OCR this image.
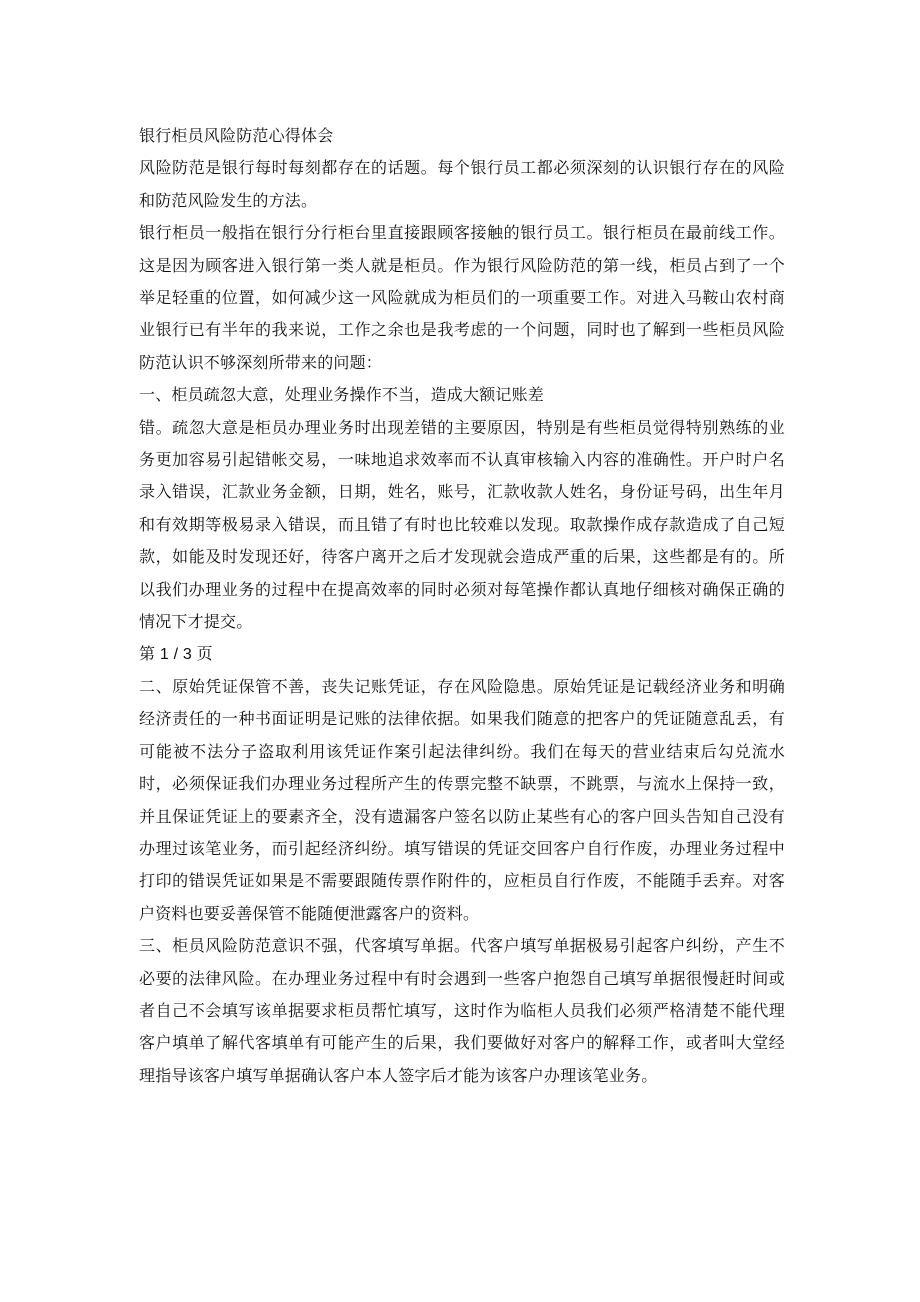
银行柜员风险防范心得体会

风险防范是银行每时每刻都存在的话题。每个银行员工都必须深刻的认识银行存在的风险和防范风险发生的方法。

银行柜员一般指在银行分行柜台里直接跟顾客接触的银行员工。银行柜员在最前线工作。这是因为顾客进入银行第一类人就是柜员。作为银行风险防范的第一线，柜员占到了一个举足轻重的位置，如何减少这一风险就成为柜员们的一项重要工作。对进入马鞍山农村商业银行已有半年的我来说，工作之余也是我考虑的一个问题，同时也了解到一些柜员风险防范认识不够深刻所带来的问题：

一、柜员疏忽大意，处理业务操作不当，造成大额记账差

错。疏忽大意是柜员办理业务时出现差错的主要原因，特别是有些柜员觉得特别熟练的业务更加容易引起错帐交易，一味地追求效率而不认真审核输入内容的准确性。开户时户名录入错误，汇款业务金额，日期，姓名，账号，汇款收款人姓名，身份证号码，出生年月和有效期等极易录入错误，而且错了有时也比较难以发现。取款操作成存款造成了自己短款，如能及时发现还好，待客户离开之后才发现就会造成严重的后果，这些都是有的。所以我们办理业务的过程中在提高效率的同时必须对每笔操作都认真地仔细核对确保正确的情况下才提交。

第 1 / 3 页

二、原始凭证保管不善，丧失记账凭证，存在风险隐患。原始凭证是记载经济业务和明确经济责任的一种书面证明是记账的法律依据。如果我们随意的把客户的凭证随意乱丢，有可能被不法分子盗取利用该凭证作案引起法律纠纷。我们在每天的营业结束后勾兑流水时，必须保证我们办理业务过程所产生的传票完整不缺票，不跳票，与流水上保持一致，并且保证凭证上的要素齐全，没有遗漏客户签名以防止某些有心的客户回头告知自己没有办理过该笔业务，而引起经济纠纷。填写错误的凭证交回客户自行作废，办理业务过程中打印的错误凭证如果是不需要跟随传票作附件的，应柜员自行作废，不能随手丢弃。对客户资料也要妥善保管不能随便泄露客户的资料。

三、柜员风险防范意识不强，代客填写单据。代客户填写单据极易引起客户纠纷，产生不必要的法律风险。在办理业务过程中有时会遇到一些客户抱怨自己填写单据很慢赶时间或者自己不会填写该单据要求柜员帮忙填写，这时作为临柜人员我们必须严格清楚不能代理客户填单了解代客填单有可能产生的后果，我们要做好对客户的解释工作，或者叫大堂经理指导该客户填写单据确认客户本人签字后才能为该客户办理该笔业务。
